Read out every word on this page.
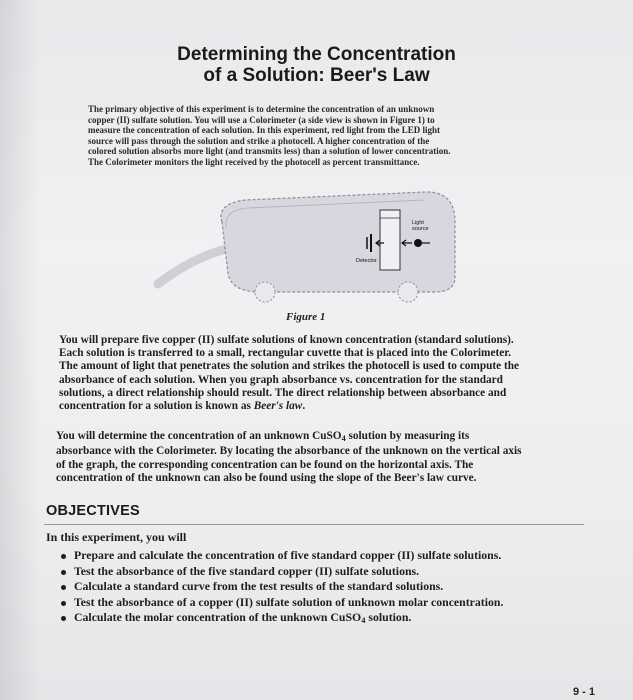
Determining the Concentration
of a Solution: Beer's Law
The primary objective of this experiment is to determine the concentration of an unknown
copper (II) sulfate solution. You will use a Colorimeter (a side view is shown in Figure 1) to
measure the concentration of each solution. In this experiment, red light from the LED light
source will pass through the solution and strike a photocell. A higher concentration of the
colored solution absorbs more light (and transmits less) than a solution of lower concentration.
The Colorimeter monitors the light received by the photocell as percent transmittance.
Light
source
Detector
Figure 1
You will prepare five copper (II) sulfate solutions of known concentration (standard solutions).
Each solution is transferred to a small, rectangular cuvette that is placed into the Colorimeter.
The amount of light that penetrates the solution and strikes the photocell is used to compute the
absorbance of each solution. When you graph absorbance vs. concentration for the standard
solutions, a direct relationship should result. The direct relationship between absorbance and
concentration for a solution is known as Beer's law.
You will determine the concentration of an unknown CuSO$_4$ solution by measuring its
absorbance with the Colorimeter. By locating the absorbance of the unknown on the vertical axis
of the graph, the corresponding concentration can be found on the horizontal axis. The
concentration of the unknown can also be found using the slope of the Beer's law curve.
OBJECTIVES
In this experiment, you will
Prepare and calculate the concentration of five standard copper (II) sulfate solutions.
Test the absorbance of the five standard copper (II) sulfate solutions.
Calculate a standard curve from the test results of the standard solutions.
Test the absorbance of a copper (II) sulfate solution of unknown molar concentration.
Calculate the molar concentration of the unknown CuSO$_4$ solution.
9 - 1
